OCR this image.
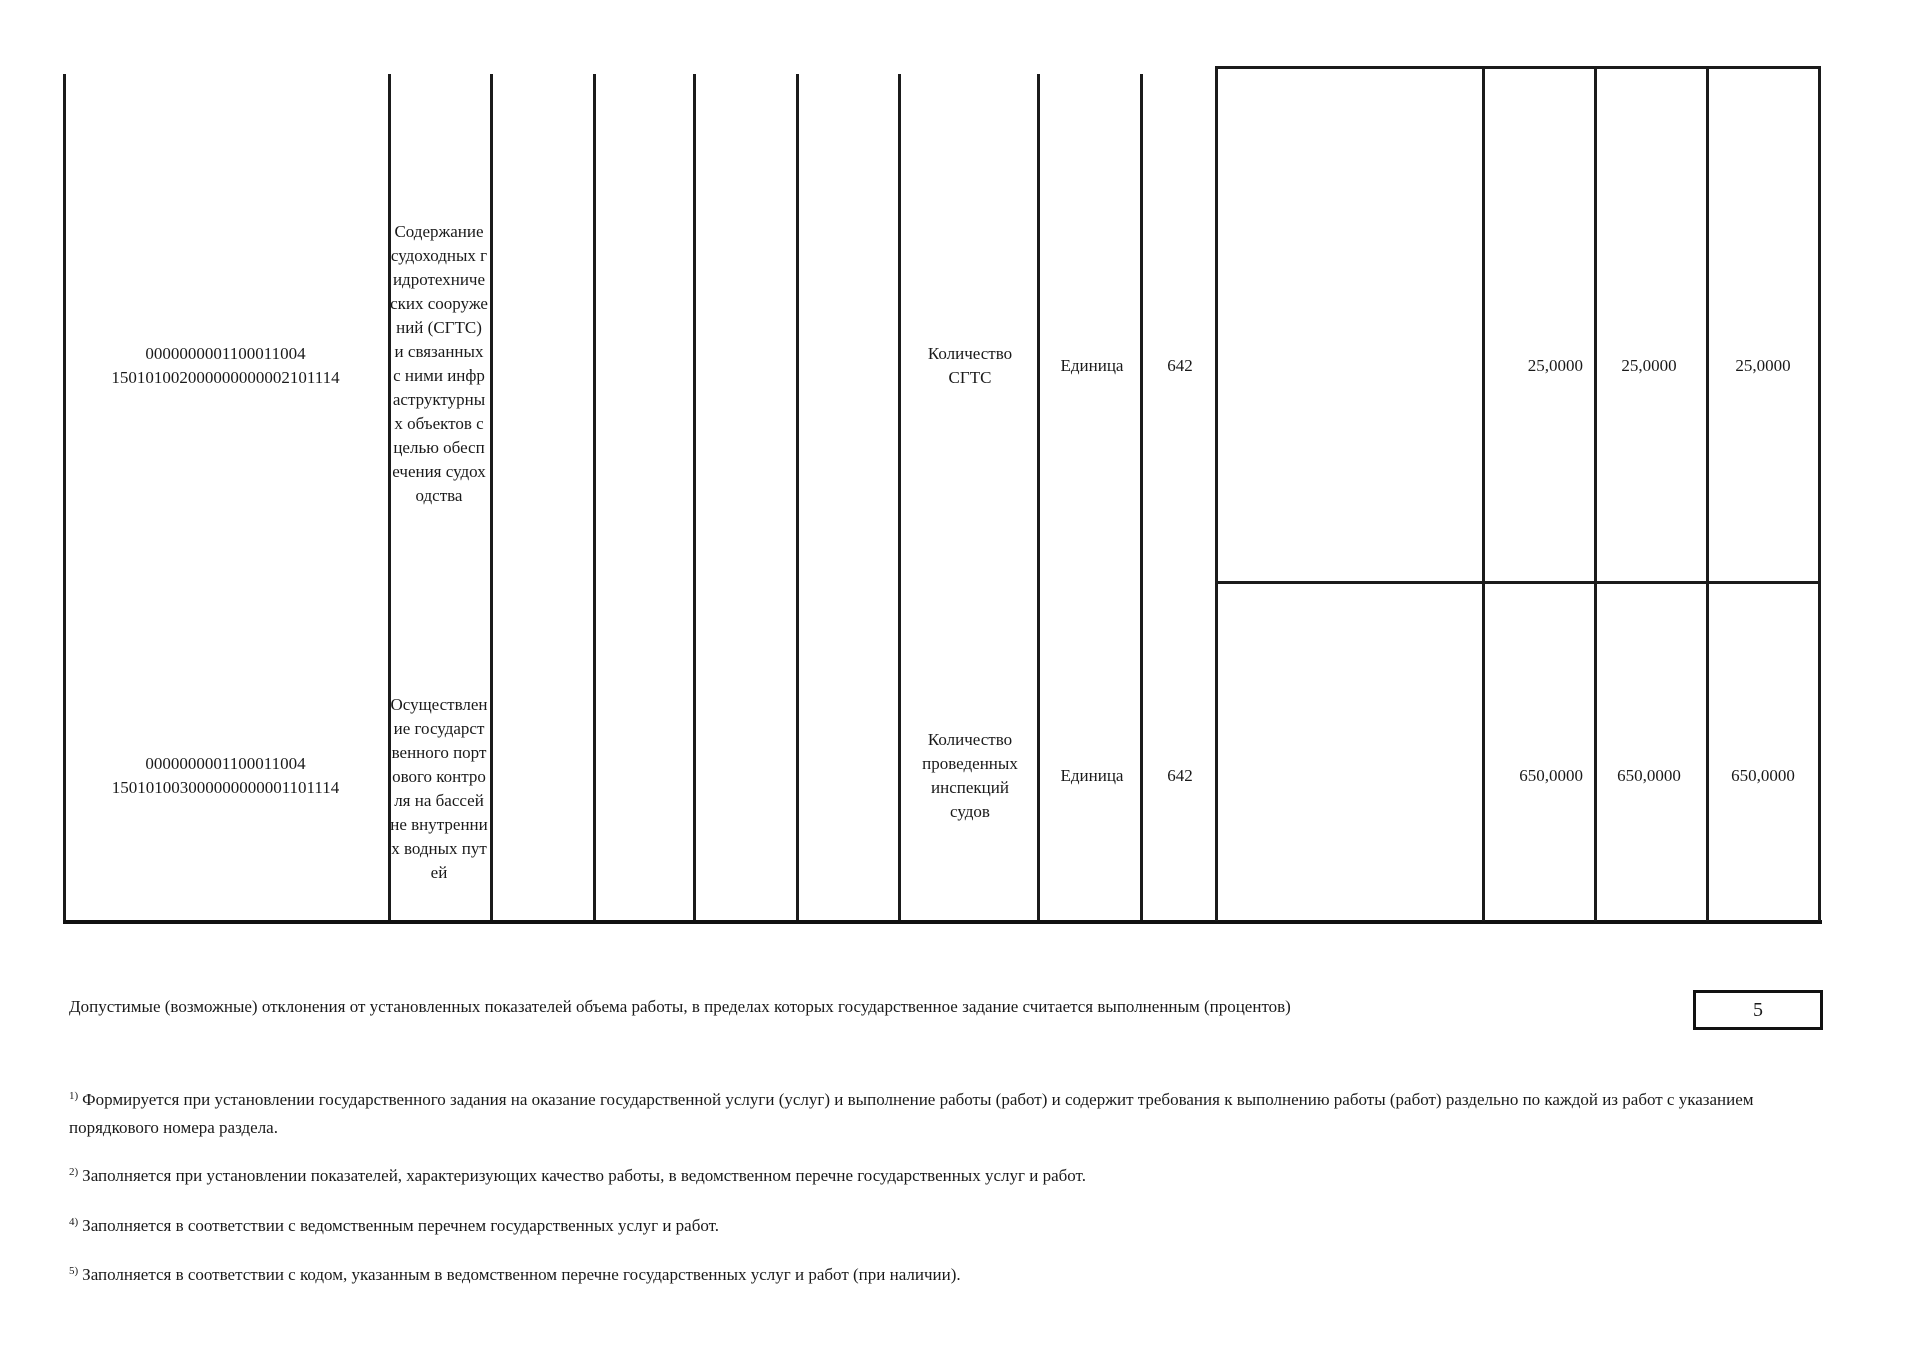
0000000001100011004
150101002000000000002101114
Содержание судоходных гидротехнических сооружений (СГТС) и связанных с ними инфраструктурных объектов с целью обеспечения судоходства
Количество СГТС
Единица	642	25,0000	25,0000	25,0000
0000000001100011004
150101003000000000001101114
Осуществление государственного портового контроля на бассейне внутренних водных путей
Количество проведенных инспекций судов
Единица	642	650,0000	650,0000	650,0000
Допустимые (возможные) отклонения от установленных показателей объема работы, в пределах которых государственное задание считается выполненным (процентов)	5
$^{1)}$ Формируется при установлении государственного задания на оказание государственной услуги (услуг) и выполнение работы (работ) и содержит требования к выполнению работы (работ) раздельно по каждой из работ с указанием порядкового номера раздела.
$^{2)}$ Заполняется при установлении показателей, характеризующих качество работы, в ведомственном перечне государственных услуг и работ.
$^{4)}$ Заполняется в соответствии с ведомственным перечнем государственных услуг и работ.
$^{5)}$ Заполняется в соответствии с кодом, указанным в ведомственном перечне государственных услуг и работ (при наличии).
